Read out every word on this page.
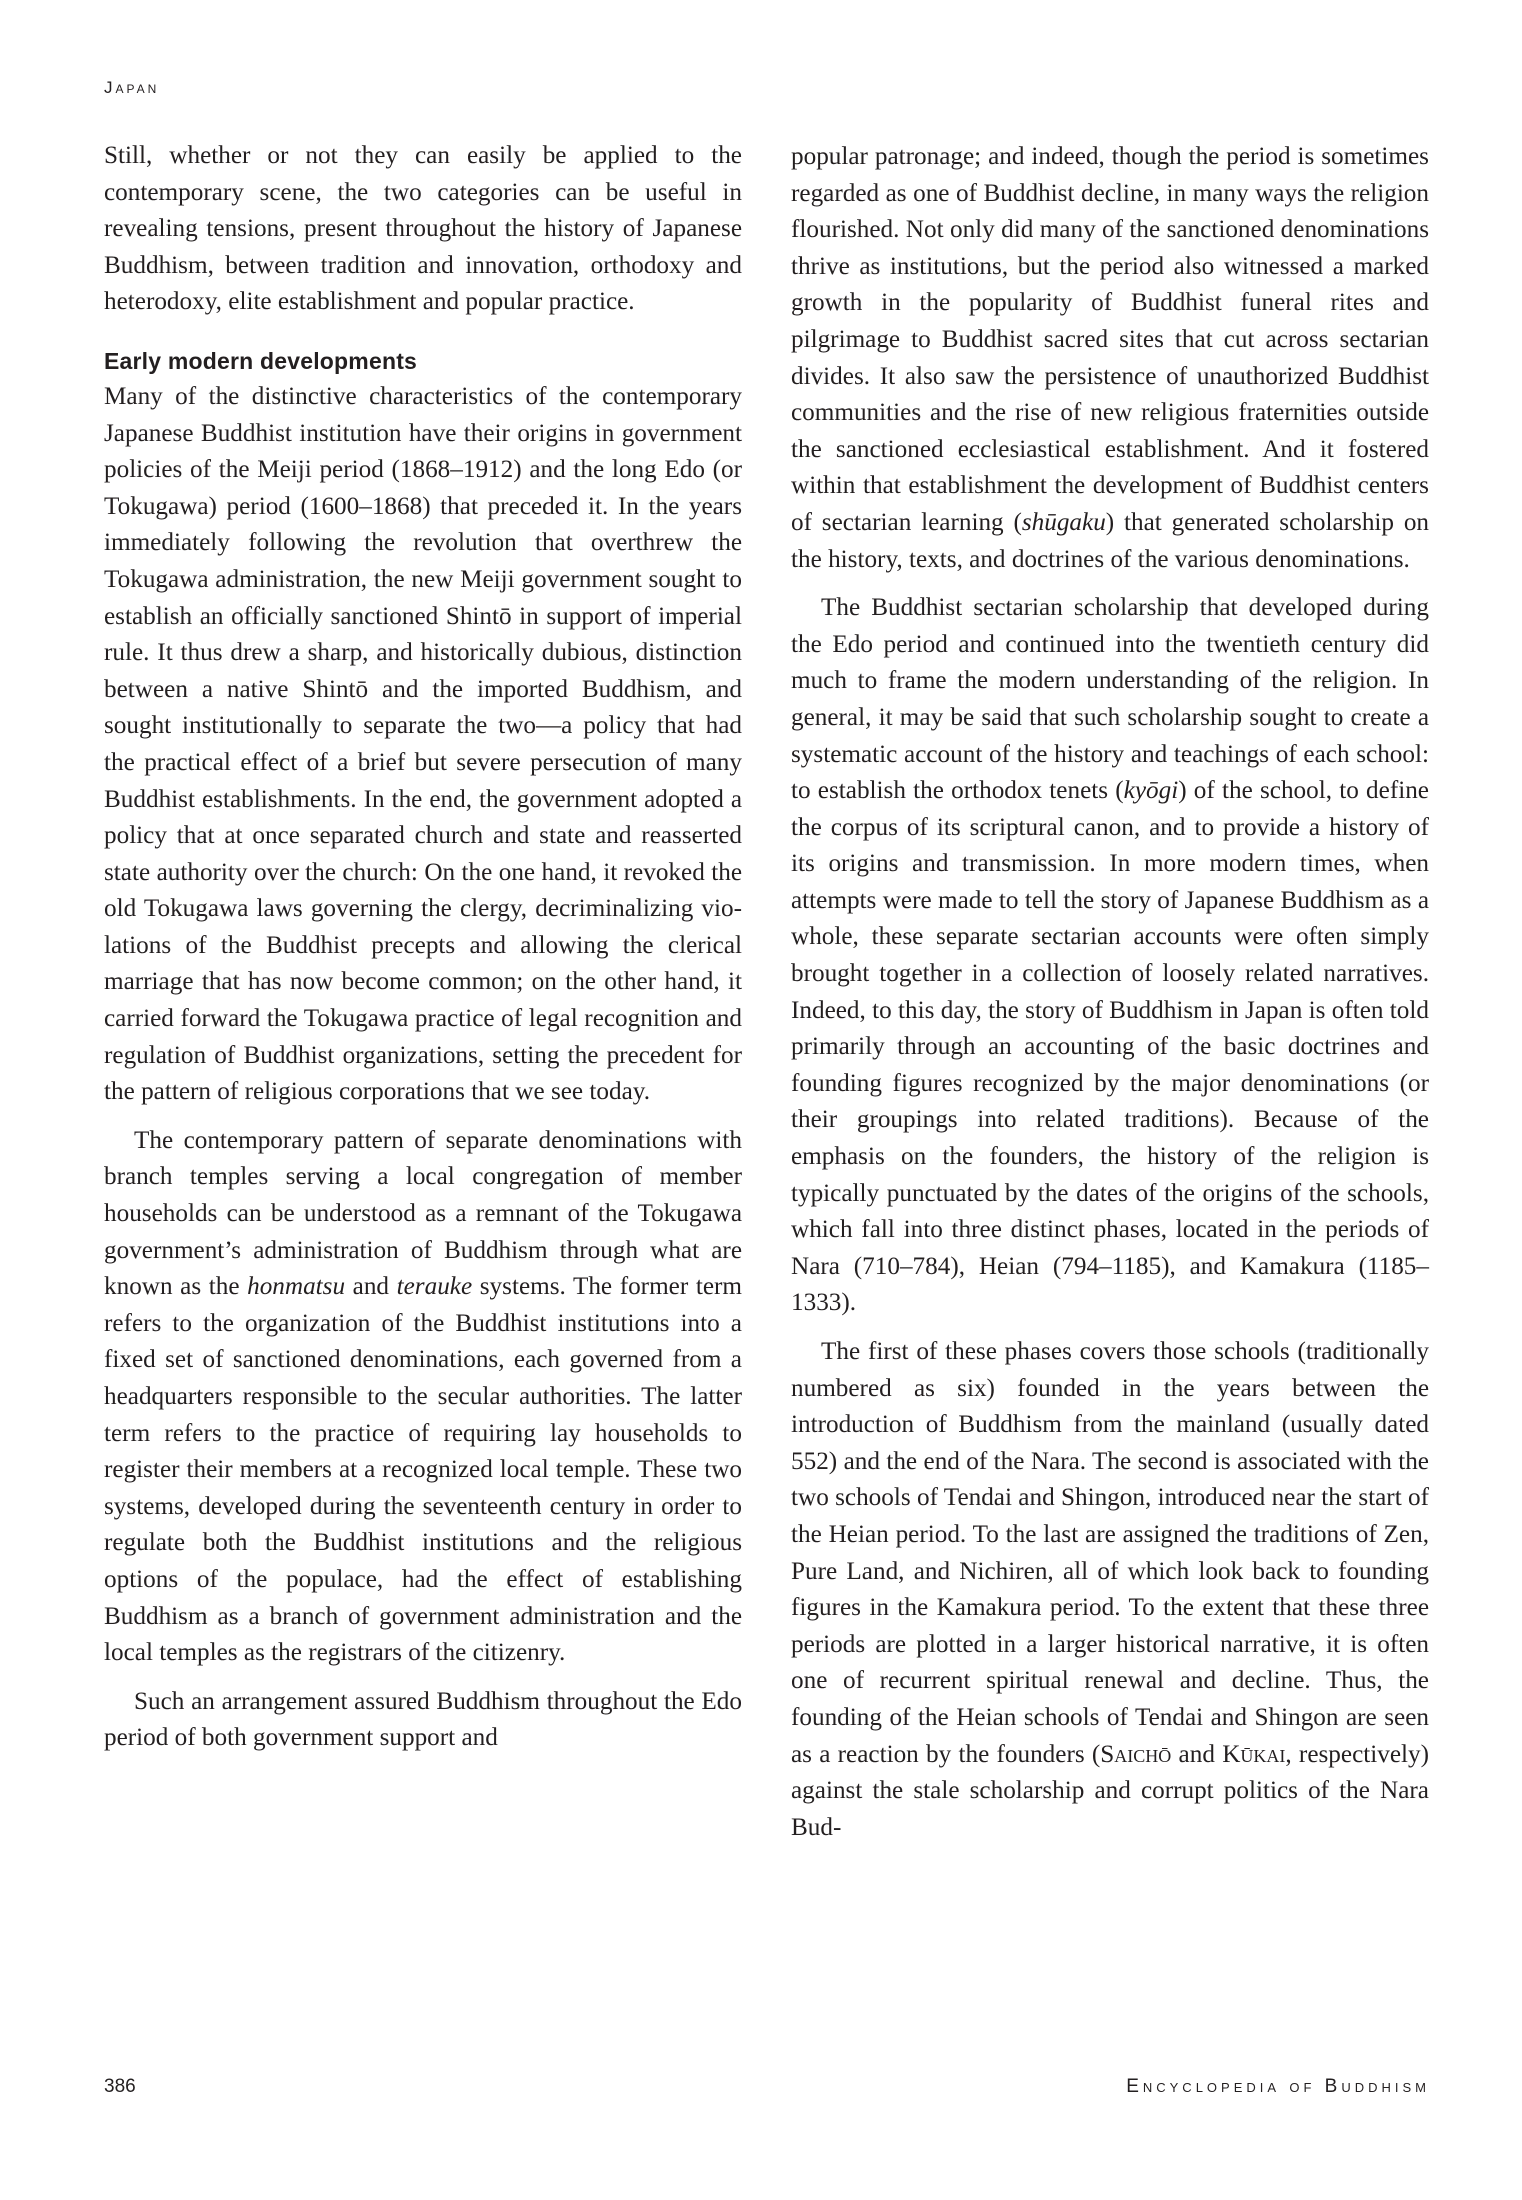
Japan

Still, whether or not they can easily be applied to the contemporary scene, the two categories can be useful in revealing tensions, present throughout the history of Japanese Buddhism, between tradition and innovation, orthodoxy and heterodoxy, elite establishment and popular practice.

Early modern developments

Many of the distinctive characteristics of the contemporary Japanese Buddhist institution have their origins in government policies of the Meiji period (1868–1912) and the long Edo (or Tokugawa) period (1600–1868) that preceded it. In the years immediately following the revolution that overthrew the Tokugawa administration, the new Meiji government sought to establish an officially sanctioned Shintō in support of imperial rule. It thus drew a sharp, and historically dubious, distinction between a native Shintō and the imported Buddhism, and sought institutionally to separate the two—a policy that had the practical effect of a brief but severe persecution of many Buddhist establishments. In the end, the government adopted a policy that at once separated church and state and reasserted state authority over the church: On the one hand, it revoked the old Tokugawa laws governing the clergy, decriminalizing violations of the Buddhist precepts and allowing the clerical marriage that has now become common; on the other hand, it carried forward the Tokugawa practice of legal recognition and regulation of Buddhist organizations, setting the precedent for the pattern of religious corporations that we see today.

The contemporary pattern of separate denominations with branch temples serving a local congregation of member households can be understood as a remnant of the Tokugawa government’s administration of Buddhism through what are known as the honmatsu and terauke systems. The former term refers to the organization of the Buddhist institutions into a fixed set of sanctioned denominations, each governed from a headquarters responsible to the secular authorities. The latter term refers to the practice of requiring lay households to register their members at a recognized local temple. These two systems, developed during the seventeenth century in order to regulate both the Buddhist institutions and the religious options of the populace, had the effect of establishing Buddhism as a branch of government administration and the local temples as the registrars of the citizenry.

Such an arrangement assured Buddhism throughout the Edo period of both government support and

popular patronage; and indeed, though the period is sometimes regarded as one of Buddhist decline, in many ways the religion flourished. Not only did many of the sanctioned denominations thrive as institutions, but the period also witnessed a marked growth in the popularity of Buddhist funeral rites and pilgrimage to Buddhist sacred sites that cut across sectarian divides. It also saw the persistence of unauthorized Buddhist communities and the rise of new religious fraternities outside the sanctioned ecclesiastical establishment. And it fostered within that establishment the development of Buddhist centers of sectarian learning (shūgaku) that generated scholarship on the history, texts, and doctrines of the various denominations.

The Buddhist sectarian scholarship that developed during the Edo period and continued into the twentieth century did much to frame the modern understanding of the religion. In general, it may be said that such scholarship sought to create a systematic account of the history and teachings of each school: to establish the orthodox tenets (kyōgi) of the school, to define the corpus of its scriptural canon, and to provide a history of its origins and transmission. In more modern times, when attempts were made to tell the story of Japanese Buddhism as a whole, these separate sectarian accounts were often simply brought together in a collection of loosely related narratives. Indeed, to this day, the story of Buddhism in Japan is often told primarily through an accounting of the basic doctrines and founding figures recognized by the major denominations (or their groupings into related traditions). Because of the emphasis on the founders, the history of the religion is typically punctuated by the dates of the origins of the schools, which fall into three distinct phases, located in the periods of Nara (710–784), Heian (794–1185), and Kamakura (1185–1333).

The first of these phases covers those schools (traditionally numbered as six) founded in the years between the introduction of Buddhism from the mainland (usually dated 552) and the end of the Nara. The second is associated with the two schools of Tendai and Shingon, introduced near the start of the Heian period. To the last are assigned the traditions of Zen, Pure Land, and Nichiren, all of which look back to founding figures in the Kamakura period. To the extent that these three periods are plotted in a larger historical narrative, it is often one of recurrent spiritual renewal and decline. Thus, the founding of the Heian schools of Tendai and Shingon are seen as a reaction by the founders (Saichō and Kūkai, respectively) against the stale scholarship and corrupt politics of the Nara Bud-

386	Encyclopedia of Buddhism
